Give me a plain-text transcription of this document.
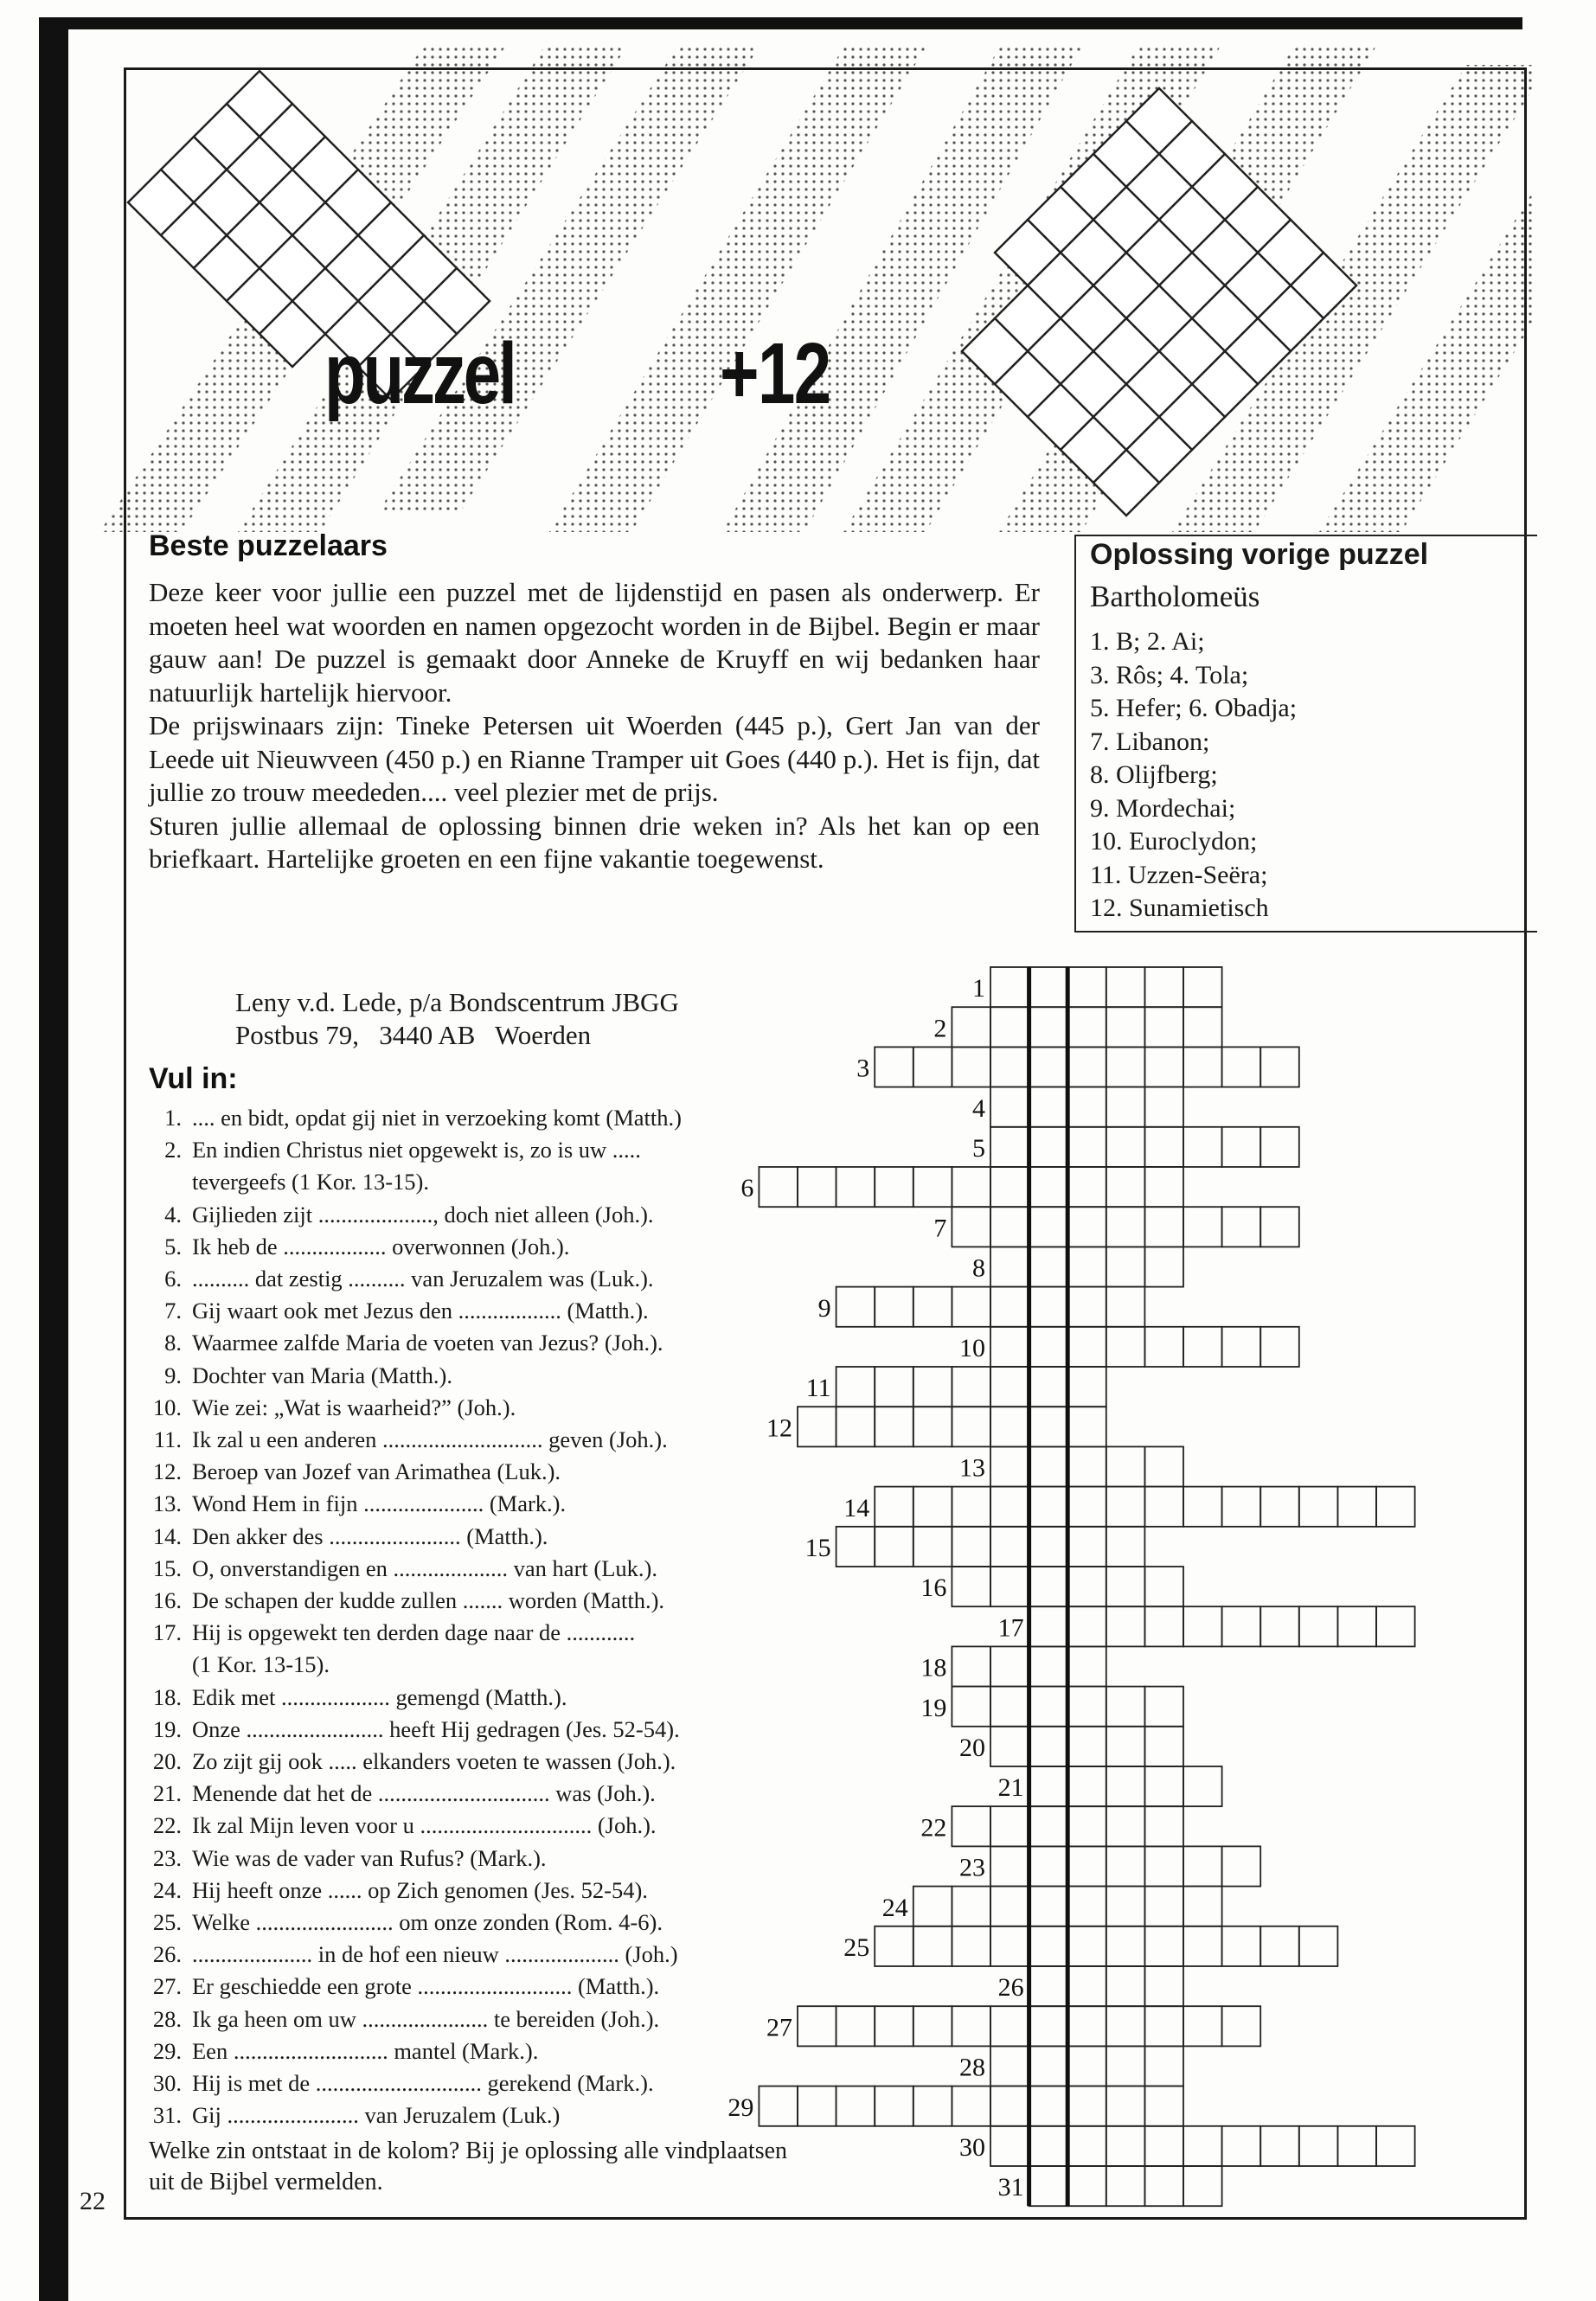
puzzel +12
Beste puzzelaars

Deze keer voor jullie een puzzel met de lijdenstijd en pasen als onderwerp. Er moeten heel wat woorden en namen opgezocht worden in de Bijbel. Begin er maar gauw aan! De puzzel is gemaakt door Anneke de Kruyff en wij bedanken haar natuurlijk hartelijk hiervoor.

De prijswinaars zijn: Tineke Petersen uit Woerden (445 p.), Gert Jan van der Leede uit Nieuwveen (450 p.) en Rianne Tramper uit Goes (440 p.). Het is fijn, dat jullie zo trouw meededen.... veel plezier met de prijs.

Sturen jullie allemaal de oplossing binnen drie weken in? Als het kan op een briefkaart. Hartelijke groeten en een fijne vakantie toegewenst.

Leny v.d. Lede, p/a Bondscentrum JBGG
Postbus 79,   3440 AB   Woerden
Vul in:
1. .... en bidt, opdat gij niet in verzoeking komt (Matth.)
2. En indien Christus niet opgewekt is, zo is uw .....
tevergeefs (1 Kor. 13-15).
4. Gijlieden zijt ...................., doch niet alleen (Joh.).
5. Ik heb de .................. overwonnen (Joh.).
6. .......... dat zestig .......... van Jeruzalem was (Luk.).
7. Gij waart ook met Jezus den .................. (Matth.).
8. Waarmee zalfde Maria de voeten van Jezus? (Joh.).
9. Dochter van Maria (Matth.).
10. Wie zei: „Wat is waarheid?” (Joh.).
11. Ik zal u een anderen ............................ geven (Joh.).
12. Beroep van Jozef van Arimathea (Luk.).
13. Wond Hem in fijn ..................... (Mark.).
14. Den akker des ....................... (Matth.).
15. O, onverstandigen en .................... van hart (Luk.).
16. De schapen der kudde zullen ....... worden (Matth.).
17. Hij is opgewekt ten derden dage naar de ............
(1 Kor. 13-15).
18. Edik met ................... gemengd (Matth.).
19. Onze ........................ heeft Hij gedragen (Jes. 52-54).
20. Zo zijt gij ook ..... elkanders voeten te wassen (Joh.).
21. Menende dat het de .............................. was (Joh.).
22. Ik zal Mijn leven voor u .............................. (Joh.).
23. Wie was de vader van Rufus? (Mark.).
24. Hij heeft onze ...... op Zich genomen (Jes. 52-54).
25. Welke ........................ om onze zonden (Rom. 4-6).
26. ..................... in de hof een nieuw .................... (Joh.)
27. Er geschiedde een grote ........................... (Matth.).
28. Ik ga heen om uw ...................... te bereiden (Joh.).
29. Een ........................... mantel (Mark.).
30. Hij is met de ............................. gerekend (Mark.).
31. Gij ....................... van Jeruzalem (Luk.)
Welke zin ontstaat in de kolom? Bij je oplossing alle vindplaatsen uit de Bijbel vermelden.
22
Oplossing vorige puzzel
Bartholomeüs
1. B; 2. Ai;
3. Rôs; 4. Tola;
5. Hefer; 6. Obadja;
7. Libanon;
8. Olijfberg;
9. Mordechai;
10. Euroclydon;
11. Uzzen-Seëra;
12. Sunamietisch
1
2
3
4
5
6
7
8
9
10
11
12
13
14
15
16
17
18
19
20
21
22
23
24
25
26
27
28
29
30
31
